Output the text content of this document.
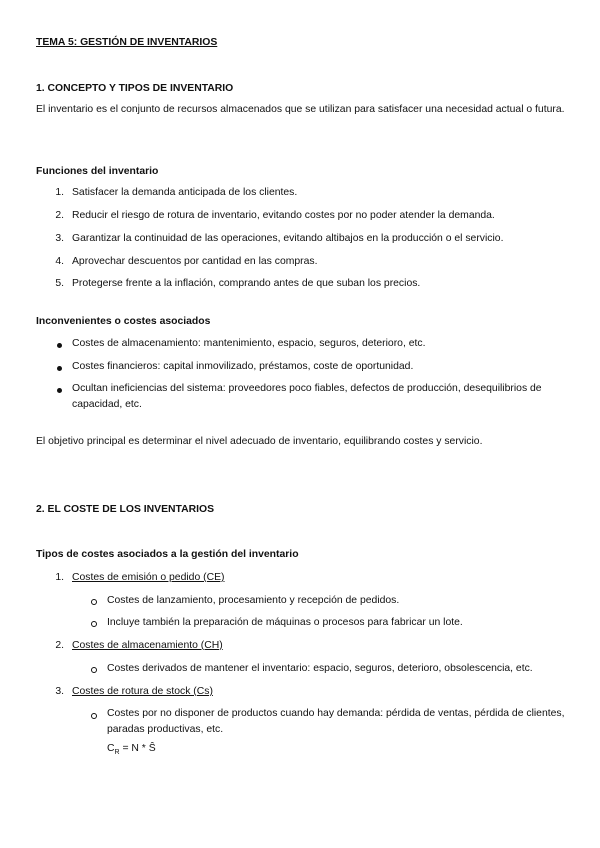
TEMA 5: GESTIÓN DE INVENTARIOS
1. CONCEPTO Y TIPOS DE INVENTARIO
El inventario es el conjunto de recursos almacenados que se utilizan para satisfacer una necesidad actual o futura.
Funciones del inventario
1. Satisfacer la demanda anticipada de los clientes.
2. Reducir el riesgo de rotura de inventario, evitando costes por no poder atender la demanda.
3. Garantizar la continuidad de las operaciones, evitando altibajos en la producción o el servicio.
4. Aprovechar descuentos por cantidad en las compras.
5. Protegerse frente a la inflación, comprando antes de que suban los precios.
Inconvenientes o costes asociados
Costes de almacenamiento: mantenimiento, espacio, seguros, deterioro, etc.
Costes financieros: capital inmovilizado, préstamos, coste de oportunidad.
Ocultan ineficiencias del sistema: proveedores poco fiables, defectos de producción, desequilibrios de capacidad, etc.
El objetivo principal es determinar el nivel adecuado de inventario, equilibrando costes y servicio.
2. EL COSTE DE LOS INVENTARIOS
Tipos de costes asociados a la gestión del inventario
1. Costes de emisión o pedido (CE)
Costes de lanzamiento, procesamiento y recepción de pedidos.
Incluye también la preparación de máquinas o procesos para fabricar un lote.
2. Costes de almacenamiento (CH)
Costes derivados de mantener el inventario: espacio, seguros, deterioro, obsolescencia, etc.
3. Costes de rotura de stock (Cs)
Costes por no disponer de productos cuando hay demanda: pérdida de ventas, pérdida de clientes, paradas productivas, etc.
$C_R = N$ * Ŝ
